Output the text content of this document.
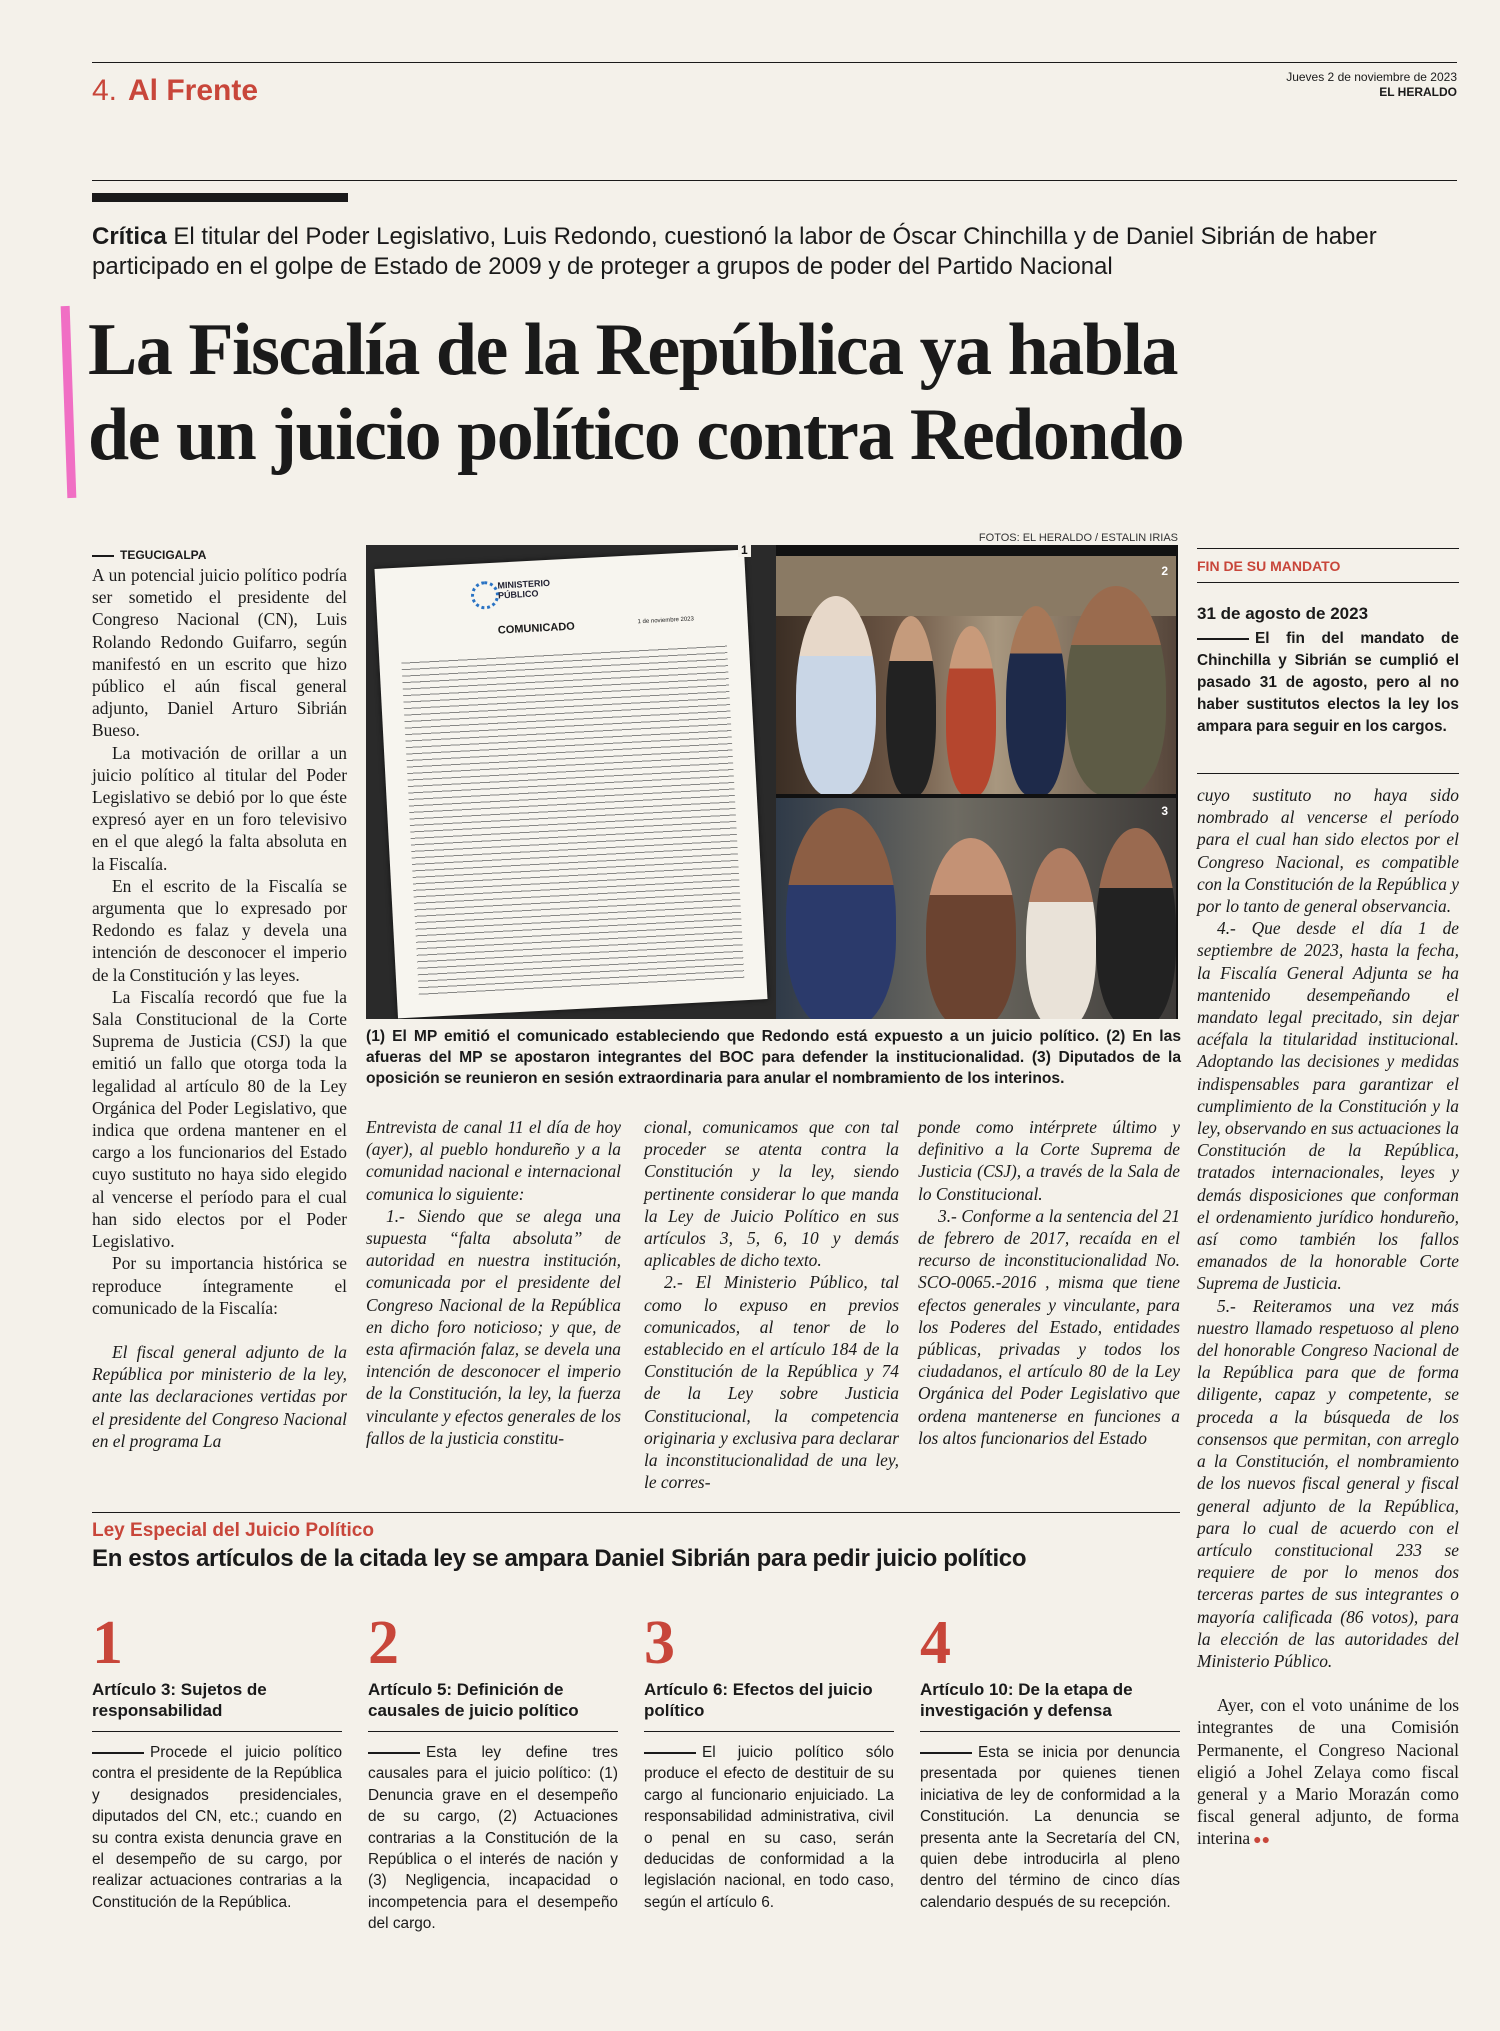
4. Al Frente	Jueves 2 de noviembre de 2023
EL HERALDO
Crítica El titular del Poder Legislativo, Luis Redondo, cuestionó la labor de Óscar Chinchilla y de Daniel Sibrián de haber participado en el golpe de Estado de 2009 y de proteger a grupos de poder del Partido Nacional
La Fiscalía de la República ya habla
de un juicio político contra Redondo
FOTOS: EL HERALDO / ESTALIN IRIAS
MINISTERIO
PÚBLICO
COMUNICADO	1 de noviembre 2023
1
2
3
(1) El MP emitió el comunicado estableciendo que Redondo está expuesto a un juicio político. (2) En las afueras del MP se apostaron integrantes del BOC para defender la institucionalidad. (3) Diputados de la oposición se reunieron en sesión extraordinaria para anular el nombramiento de los interinos.
TEGUCIGALPA

A un potencial juicio político podría ser sometido el presidente del Congreso Nacional (CN), Luis Rolando Redondo Guifarro, según manifestó en un escrito que hizo público el aún fiscal general adjunto, Daniel Arturo Sibrián Bueso.

La motivación de orillar a un juicio político al titular del Poder Legislativo se debió por lo que éste expresó ayer en un foro televisivo en el que alegó la falta absoluta en la Fiscalía.

En el escrito de la Fiscalía se argumenta que lo expresado por Redondo es falaz y devela una intención de desconocer el imperio de la Constitución y las leyes.

La Fiscalía recordó que fue la Sala Constitucional de la Corte Suprema de Justicia (CSJ) la que emitió un fallo que otorga toda la legalidad al artículo 80 de la Ley Orgánica del Poder Legislativo, que indica que ordena mantener en el cargo a los funcionarios del Estado cuyo sustituto no haya sido elegido al vencerse el período para el cual han sido electos por el Poder Legislativo.

Por su importancia histórica se reproduce íntegramente el comunicado de la Fiscalía:

El fiscal general adjunto de la República por ministerio de la ley, ante las declaraciones vertidas por el presidente del Congreso Nacional en el programa La

Entrevista de canal 11 el día de hoy (ayer), al pueblo hondureño y a la comunidad nacional e internacional comunica lo siguiente:

1.- Siendo que se alega una supuesta “falta absoluta” de autoridad en nuestra institución, comunicada por el presidente del Congreso Nacional de la República en dicho foro noticioso; y que, de esta afirmación falaz, se devela una intención de desconocer el imperio de la Constitución, la ley, la fuerza vinculante y efectos generales de los fallos de la justicia constitu-

cional, comunicamos que con tal proceder se atenta contra la Constitución y la ley, siendo pertinente considerar lo que manda la Ley de Juicio Político en sus artículos 3, 5, 6, 10 y demás aplicables de dicho texto.

2.- El Ministerio Público, tal como lo expuso en previos comunicados, al tenor de lo establecido en el artículo 184 de la Constitución de la República y 74 de la Ley sobre Justicia Constitucional, la competencia originaria y exclusiva para declarar la inconstitucionalidad de una ley, le corres-

ponde como intérprete último y definitivo a la Corte Suprema de Justicia (CSJ), a través de la Sala de lo Constitucional.

3.- Conforme a la sentencia del 21 de febrero de 2017, recaída en el recurso de inconstitucionalidad No. SCO-0065.-2016 , misma que tiene efectos generales y vinculante, para los Poderes del Estado, entidades públicas, privadas y todos los ciudadanos, el artículo 80 de la Ley Orgánica del Poder Legislativo que ordena mantenerse en funciones a los altos funcionarios del Estado

FIN DE SU MANDATO
31 de agosto de 2023
El fin del mandato de Chinchilla y Sibrián se cumplió el pasado 31 de agosto, pero al no haber sustitutos electos la ley los ampara para seguir en los cargos.

cuyo sustituto no haya sido nombrado al vencerse el período para el cual han sido electos por el Congreso Nacional, es compatible con la Constitución de la República y por lo tanto de general observancia.

4.- Que desde el día 1 de septiembre de 2023, hasta la fecha, la Fiscalía General Adjunta se ha mantenido desempeñando el mandato legal precitado, sin dejar acéfala la titularidad institucional. Adoptando las decisiones y medidas indispensables para garantizar el cumplimiento de la Constitución y la ley, observando en sus actuaciones la Constitución de la República, tratados internacionales, leyes y demás disposiciones que conforman el ordenamiento jurídico hondureño, así como también los fallos emanados de la honorable Corte Suprema de Justicia.

5.- Reiteramos una vez más nuestro llamado respetuoso al pleno del honorable Congreso Nacional de la República para que de forma diligente, capaz y competente, se proceda a la búsqueda de los consensos que permitan, con arreglo a la Constitución, el nombramiento de los nuevos fiscal general y fiscal general adjunto de la República, para lo cual de acuerdo con el artículo constitucional 233 se requiere de por lo menos dos terceras partes de sus integrantes o mayoría calificada (86 votos), para la elección de las autoridades del Ministerio Público.

Ayer, con el voto unánime de los integrantes de una Comisión Permanente, el Congreso Nacional eligió a Johel Zelaya como fiscal general y a Mario Morazán como fiscal general adjunto, de forma interina ●●

Ley Especial del Juicio Político
En estos artículos de la citada ley se ampara Daniel Sibrián para pedir juicio político
1
Artículo 3: Sujetos de responsabilidad
Procede el juicio político contra el presidente de la República y designados presidenciales, diputados del CN, etc.; cuando en su contra exista denuncia grave en el desempeño de su cargo, por realizar actuaciones contrarias a la Constitución de la República.
2
Artículo 5: Definición de causales de juicio político
Esta ley define tres causales para el juicio político: (1) Denuncia grave en el desempeño de su cargo, (2) Actuaciones contrarias a la Constitución de la República o el interés de nación y (3) Negligencia, incapacidad o incompetencia para el desempeño del cargo.
3
Artículo 6: Efectos del juicio político
El juicio político sólo produce el efecto de destituir de su cargo al funcionario enjuiciado. La responsabilidad administrativa, civil o penal en su caso, serán deducidas de conformidad a la legislación nacional, en todo caso, según el artículo 6.
4
Artículo 10: De la etapa de investigación y defensa
Esta se inicia por denuncia presentada por quienes tienen iniciativa de ley de conformidad a la Constitución. La denuncia se presenta ante la Secretaría del CN, quien debe introducirla al pleno dentro del término de cinco días calendario después de su recepción.
